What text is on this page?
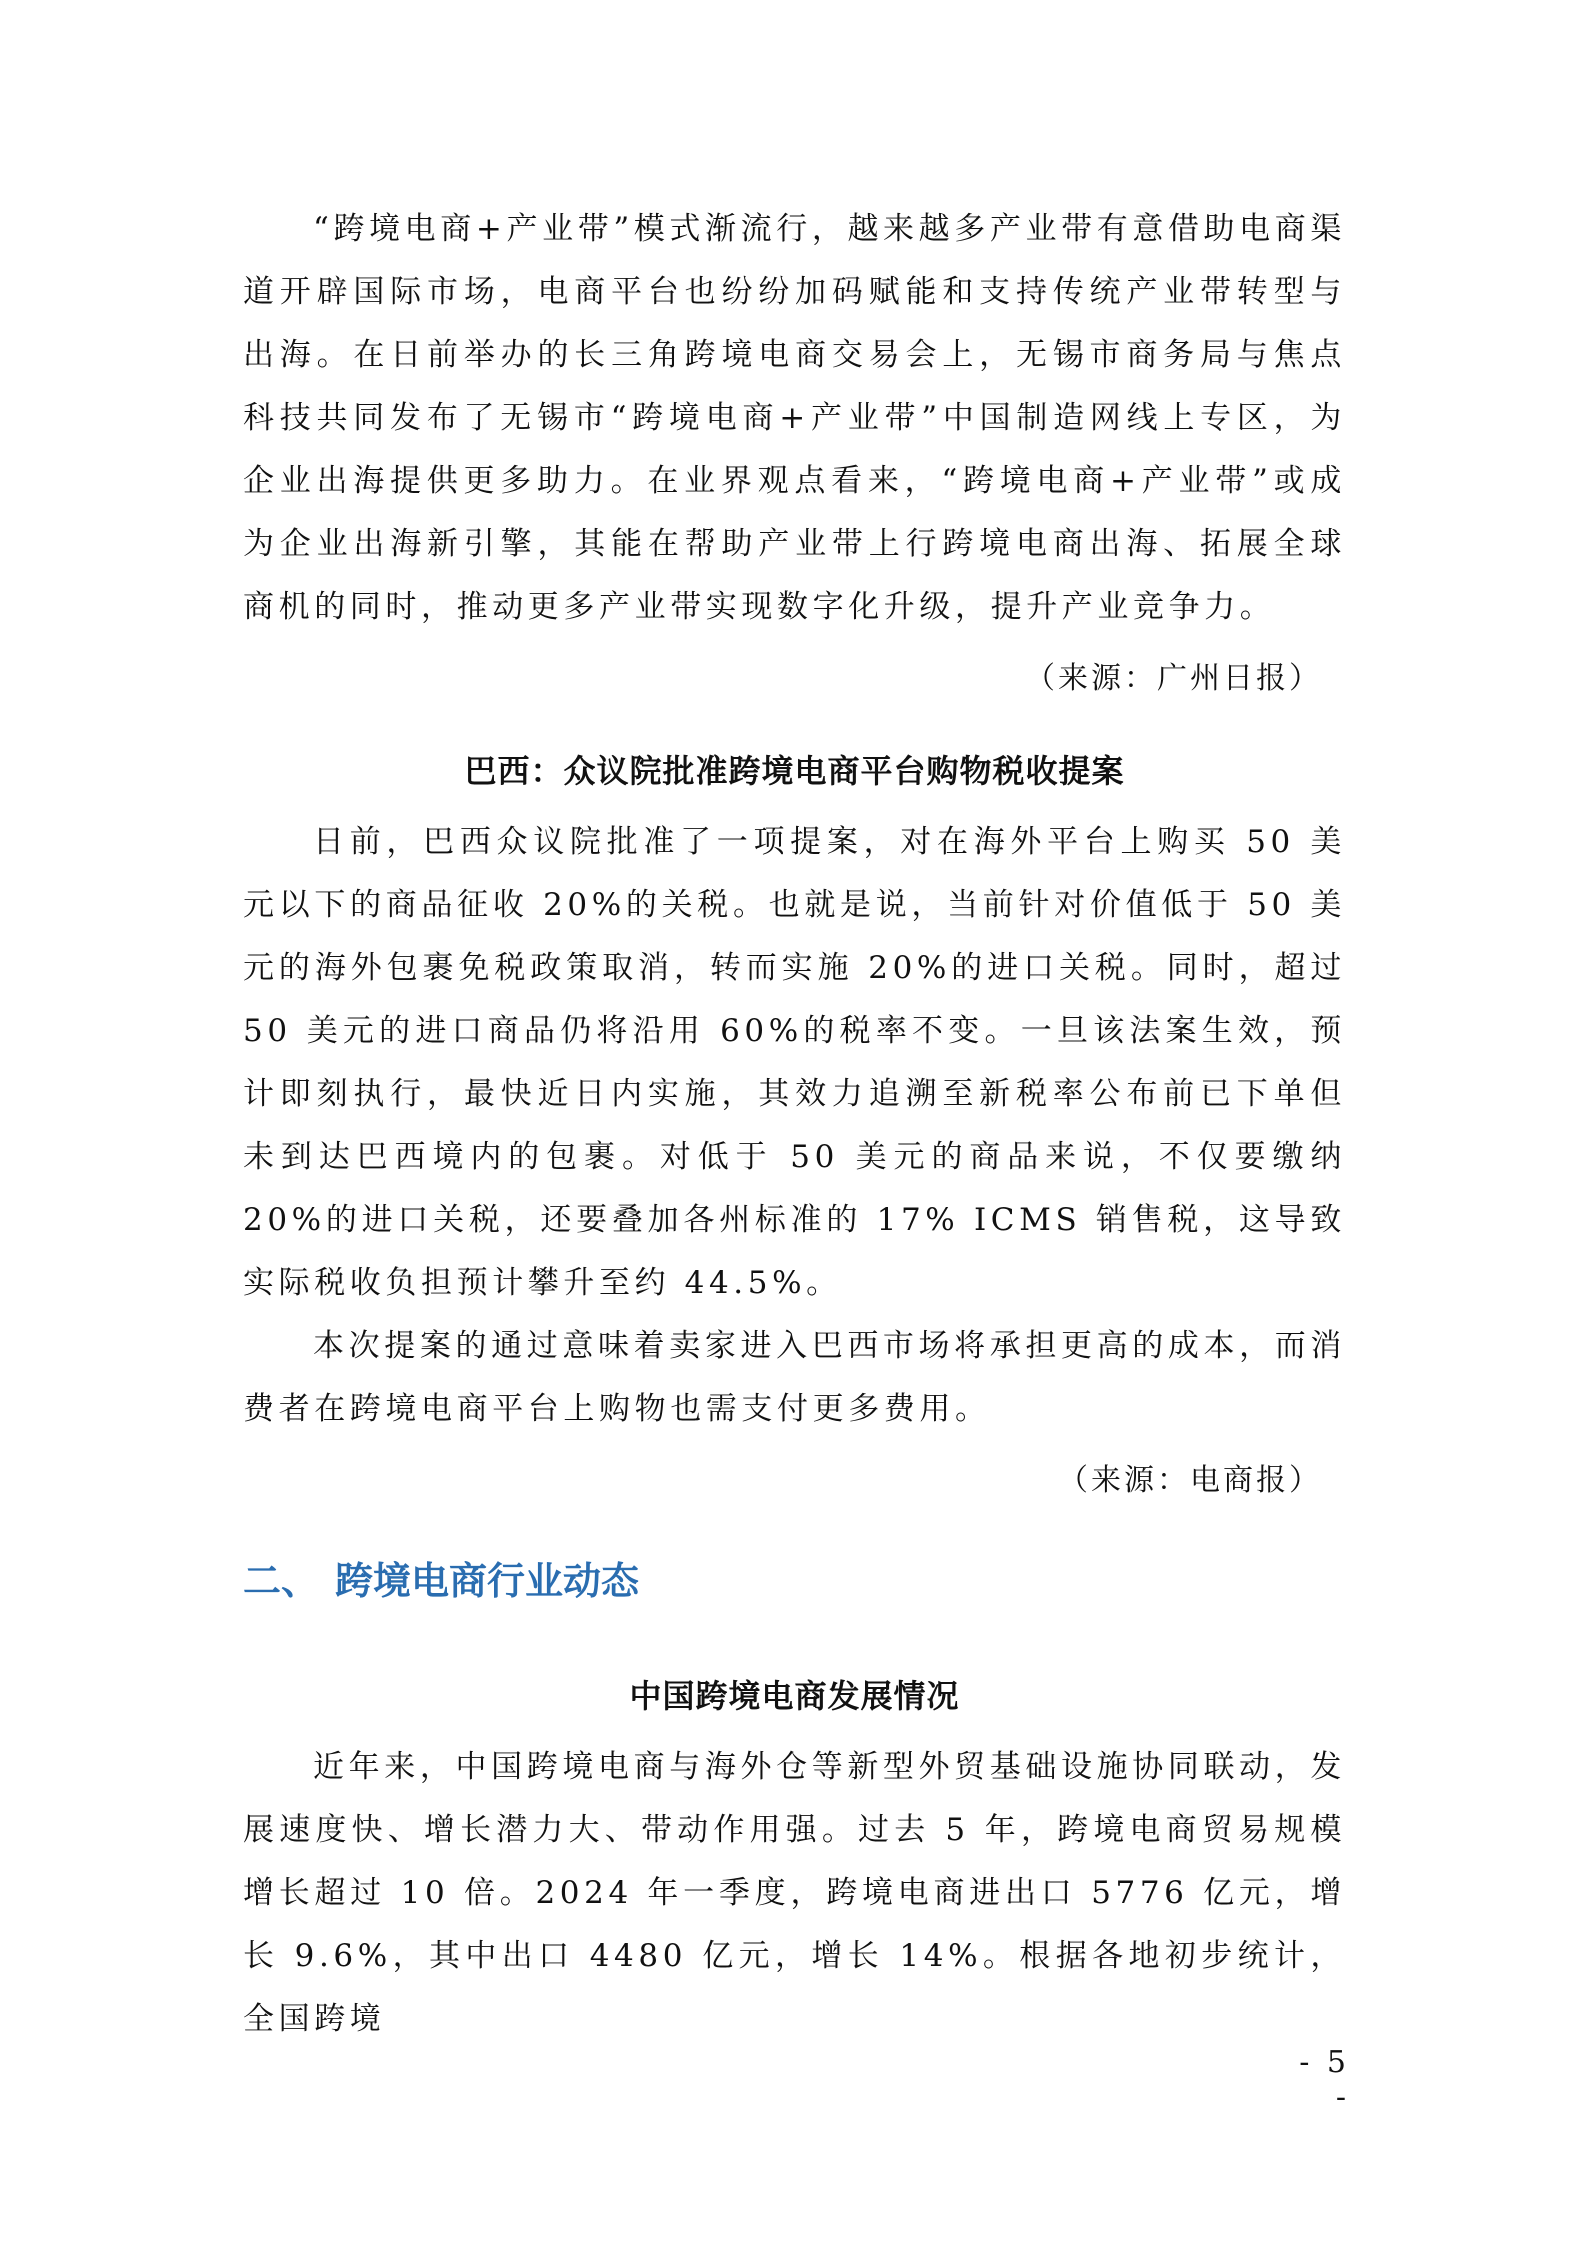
“跨境电商+产业带”模式渐流行，越来越多产业带有意借助电商渠道开辟国际市场，电商平台也纷纷加码赋能和支持传统产业带转型与出海。在日前举办的长三角跨境电商交易会上，无锡市商务局与焦点科技共同发布了无锡市“跨境电商+产业带”中国制造网线上专区，为企业出海提供更多助力。在业界观点看来，“跨境电商+产业带”或成为企业出海新引擎，其能在帮助产业带上行跨境电商出海、拓展全球商机的同时，推动更多产业带实现数字化升级，提升产业竞争力。

（来源：广州日报）
巴西：众议院批准跨境电商平台购物税收提案

日前，巴西众议院批准了一项提案，对在海外平台上购买 50 美元以下的商品征收 20%的关税。也就是说，当前针对价值低于 50 美元的海外包裹免税政策取消，转而实施 20%的进口关税。同时，超过 50 美元的进口商品仍将沿用 60%的税率不变。一旦该法案生效，预计即刻执行，最快近日内实施，其效力追溯至新税率公布前已下单但未到达巴西境内的包裹。对低于 50 美元的商品来说，不仅要缴纳 20%的进口关税，还要叠加各州标准的 17% ICMS 销售税，这导致实际税收负担预计攀升至约 44.5%。

本次提案的通过意味着卖家进入巴西市场将承担更高的成本，而消费者在跨境电商平台上购物也需支付更多费用。

（来源：电商报）
二、 跨境电商行业动态
中国跨境电商发展情况

近年来，中国跨境电商与海外仓等新型外贸基础设施协同联动，发展速度快、增长潜力大、带动作用强。过去 5 年，跨境电商贸易规模增长超过 10 倍。2024 年一季度，跨境电商进出口 5776 亿元，增长 9.6%，其中出口 4480 亿元，增长 14%。根据各地初步统计，全国跨境

- 5 -
